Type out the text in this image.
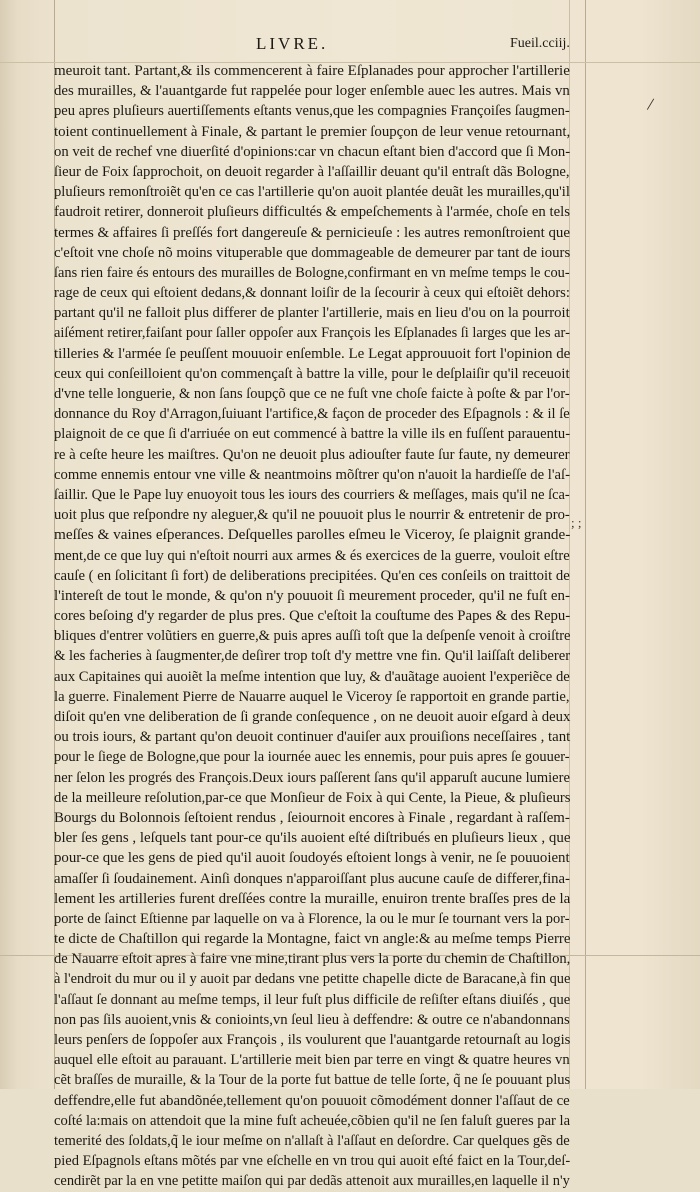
LIVRE.	Fueil.cciij.
meuroit tant. Partant,& ils commencerent à faire Eſplanades pour approcher l'artillerie
des murailles, & l'auantgarde fut rappelée pour loger enſemble auec les autres. Mais vn
peu apres pluſieurs auertiſſements eſtants venus,que les compagnies Françoiſes ſaugmen-
toient continuellement à Finale, & partant le premier ſoupçon de leur venue retournant,
on veit de rechef vne diuerſité d'opinions:car vn chacun eſtant bien d'accord que ſi Mon-
ſieur de Foix ſapprochoit, on deuoit regarder à l'aſſaillir deuant qu'il entraſt dãs Bologne,
pluſieurs remonſtroiẽt qu'en ce cas l'artillerie qu'on auoit plantée deuãt les murailles,qu'il
faudroit retirer, donneroit pluſieurs difficultés & empeſchements à l'armée, choſe en tels
termes & affaires ſi preſſés fort dangereuſe & pernicieuſe : les autres remonſtroient que
c'eſtoit vne choſe nõ moins vituperable que dommageable de demeurer par tant de iours
ſans rien faire és entours des murailles de Bologne,confirmant en vn meſme temps le cou-
rage de ceux qui eſtoient dedans,& donnant loiſir de la ſecourir à ceux qui eſtoiẽt dehors:
partant qu'il ne falloit plus differer de planter l'artillerie, mais en lieu d'ou on la pourroit
aiſément retirer,faiſant pour ſaller oppoſer aux François les Eſplanades ſi larges que les ar-
tilleries & l'armée ſe peuſſent mouuoir enſemble. Le Legat approuuoit fort l'opinion de
ceux qui conſeilloient qu'on commençaſt à battre la ville, pour le deſplaiſir qu'il receuoit
d'vne telle longuerie, & non ſans ſoupçõ que ce ne fuſt vne choſe faicte à poſte & par l'or-
donnance du Roy d'Arragon,ſuiuant l'artifice,& façon de proceder des Eſpagnols : & il ſe
plaignoit de ce que ſi d'arriuée on eut commencé à battre la ville ils en fuſſent parauentu-
re à ceſte heure les maiſtres. Qu'on ne deuoit plus adiouſter faute ſur faute, ny demeurer
comme ennemis entour vne ville & neantmoins mõſtrer qu'on n'auoit la hardieſſe de l'aſ-
ſaillir. Que le Pape luy enuoyoit tous les iours des courriers & meſſages, mais qu'il ne ſca-
uoit plus que reſpondre ny aleguer,& qu'il ne pouuoit plus le nourrir & entretenir de pro-
meſſes & vaines eſperances. Deſquelles parolles eſmeu le Viceroy, ſe plaignit grande-
ment,de ce que luy qui n'eſtoit nourri aux armes & és exercices de la guerre, vouloit eſtre
cauſe ( en ſolicitant ſi fort) de deliberations precipitées. Qu'en ces conſeils on traittoit de
l'intereſt de tout le monde, & qu'on n'y pouuoit ſi meurement proceder, qu'il ne fuſt en-
cores beſoing d'y regarder de plus pres. Que c'eſtoit la couſtume des Papes & des Repu-
bliques d'entrer volũtiers en guerre,& puis apres auſſi toſt que la deſpenſe venoit à croiſtre
& les facheries à ſaugmenter,de deſirer trop toſt d'y mettre vne fin. Qu'il laiſſaſt deliberer
aux Capitaines qui auoiẽt la meſme intention que luy, & d'auãtage auoient l'experiẽce de
la guerre. Finalement Pierre de Nauarre auquel le Viceroy ſe rapportoit en grande partie,
diſoit qu'en vne deliberation de ſi grande conſequence , on ne deuoit auoir eſgard à deux
ou trois iours, & partant qu'on deuoit continuer d'auiſer aux prouiſions neceſſaires , tant
pour le ſiege de Bologne,que pour la iournée auec les ennemis, pour puis apres ſe gouuer-
ner ſelon les progrés des François.Deux iours paſſerent ſans qu'il apparuſt aucune lumiere
de la meilleure reſolution,par-ce que Monſieur de Foix à qui Cente, la Pieue, & pluſieurs
Bourgs du Bolonnois ſeſtoient rendus , ſeiournoit encores à Finale , regardant à raſſem-
bler ſes gens , leſquels tant pour-ce qu'ils auoient eſté diſtribués en pluſieurs lieux , que
pour-ce que les gens de pied qu'il auoit ſoudoyés eſtoient longs à venir, ne ſe pouuoient
amaſſer ſi ſoudainement. Ainſi donques n'apparoiſſant plus aucune cauſe de differer,fina-
lement les artilleries furent dreſſées contre la muraille, enuiron trente braſſes pres de la
porte de ſainct Eſtienne par laquelle on va à Florence, la ou le mur ſe tournant vers la por-
te dicte de Chaſtillon qui regarde la Montagne, faict vn angle:& au meſme temps Pierre
de Nauarre eſtoit apres à faire vne mine,tirant plus vers la porte du chemin de Chaſtillon,
à l'endroit du mur ou il y auoit par dedans vne petitte chapelle dicte de Baracane,à fin que
l'aſſaut ſe donnant au meſme temps, il leur fuſt plus difficile de reſiſter eſtans diuiſés , que
non pas ſils auoient,vnis & conioints,vn ſeul lieu à deffendre: & outre ce n'abandonnans
leurs penſers de ſoppoſer aux François , ils voulurent que l'auantgarde retournaſt au logis
auquel elle eſtoit au parauant. L'artillerie meit bien par terre en vingt & quatre heures vn
cẽt braſſes de muraille, & la Tour de la porte fut battue de telle ſorte, q̃ ne ſe pouuant plus
deffendre,elle fut abandõnée,tellement qu'on pouuoit cõmodément donner l'aſſaut de ce
coſté la:mais on attendoit que la mine fuſt acheuée,cõbien qu'il ne ſen faluſt gueres par la
temerité des ſoldats,q̃ le iour meſme on n'allaſt à l'aſſaut en deſordre. Car quelques gẽs de
pied Eſpagnols eſtans mõtés par vne eſchelle en vn trou qui auoit eſté faict en la Tour,deſ-
cendirẽt par la en vne petitte maiſon qui par dedãs attenoit aux murailles,en laquelle il n'y
/
; ;
